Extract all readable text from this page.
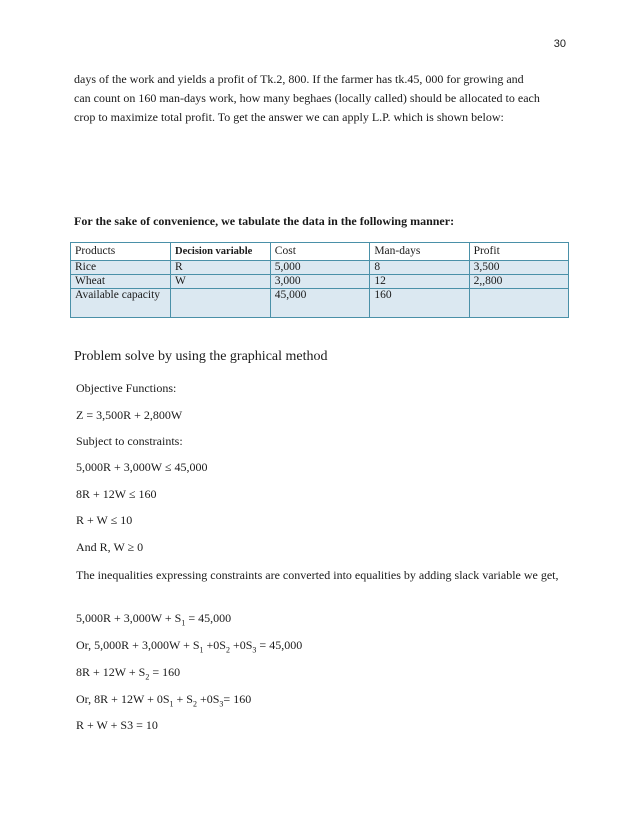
30

days of the work and yields a profit of Tk.2, 800. If the farmer has tk.45, 000 for growing and
can count on 160 man-days work, how many beghaes (locally called) should be allocated to each
crop to maximize total profit. To get the answer we can apply L.P. which is shown below:

For the sake of convenience, we tabulate the data in the following manner:

Products	Decision variable	Cost	Man-days	Profit
Rice	R	5,000	8	3,500
Wheat	W	3,000	12	2,,800
Available capacity		45,000	160	
Problem solve by using the graphical method

Objective Functions:

Z = 3,500R + 2,800W

Subject to constraints:

5,000R + 3,000W ≤ 45,000

8R + 12W ≤ 160

R + W ≤ 10

And R, W ≥ 0

The inequalities expressing constraints are converted into equalities by adding slack variable we get,

$5,000R + 3,000W + S_1 = 45,000$

Or, $5,000R + 3,000W + S_1 +0S_2 +0S_3 = 45,000$

$8R + 12W + S_2 = 160$

Or, $8R + 12W + 0S_1 + S_2 +0S_3= 160$

R + W + S3 = 10
